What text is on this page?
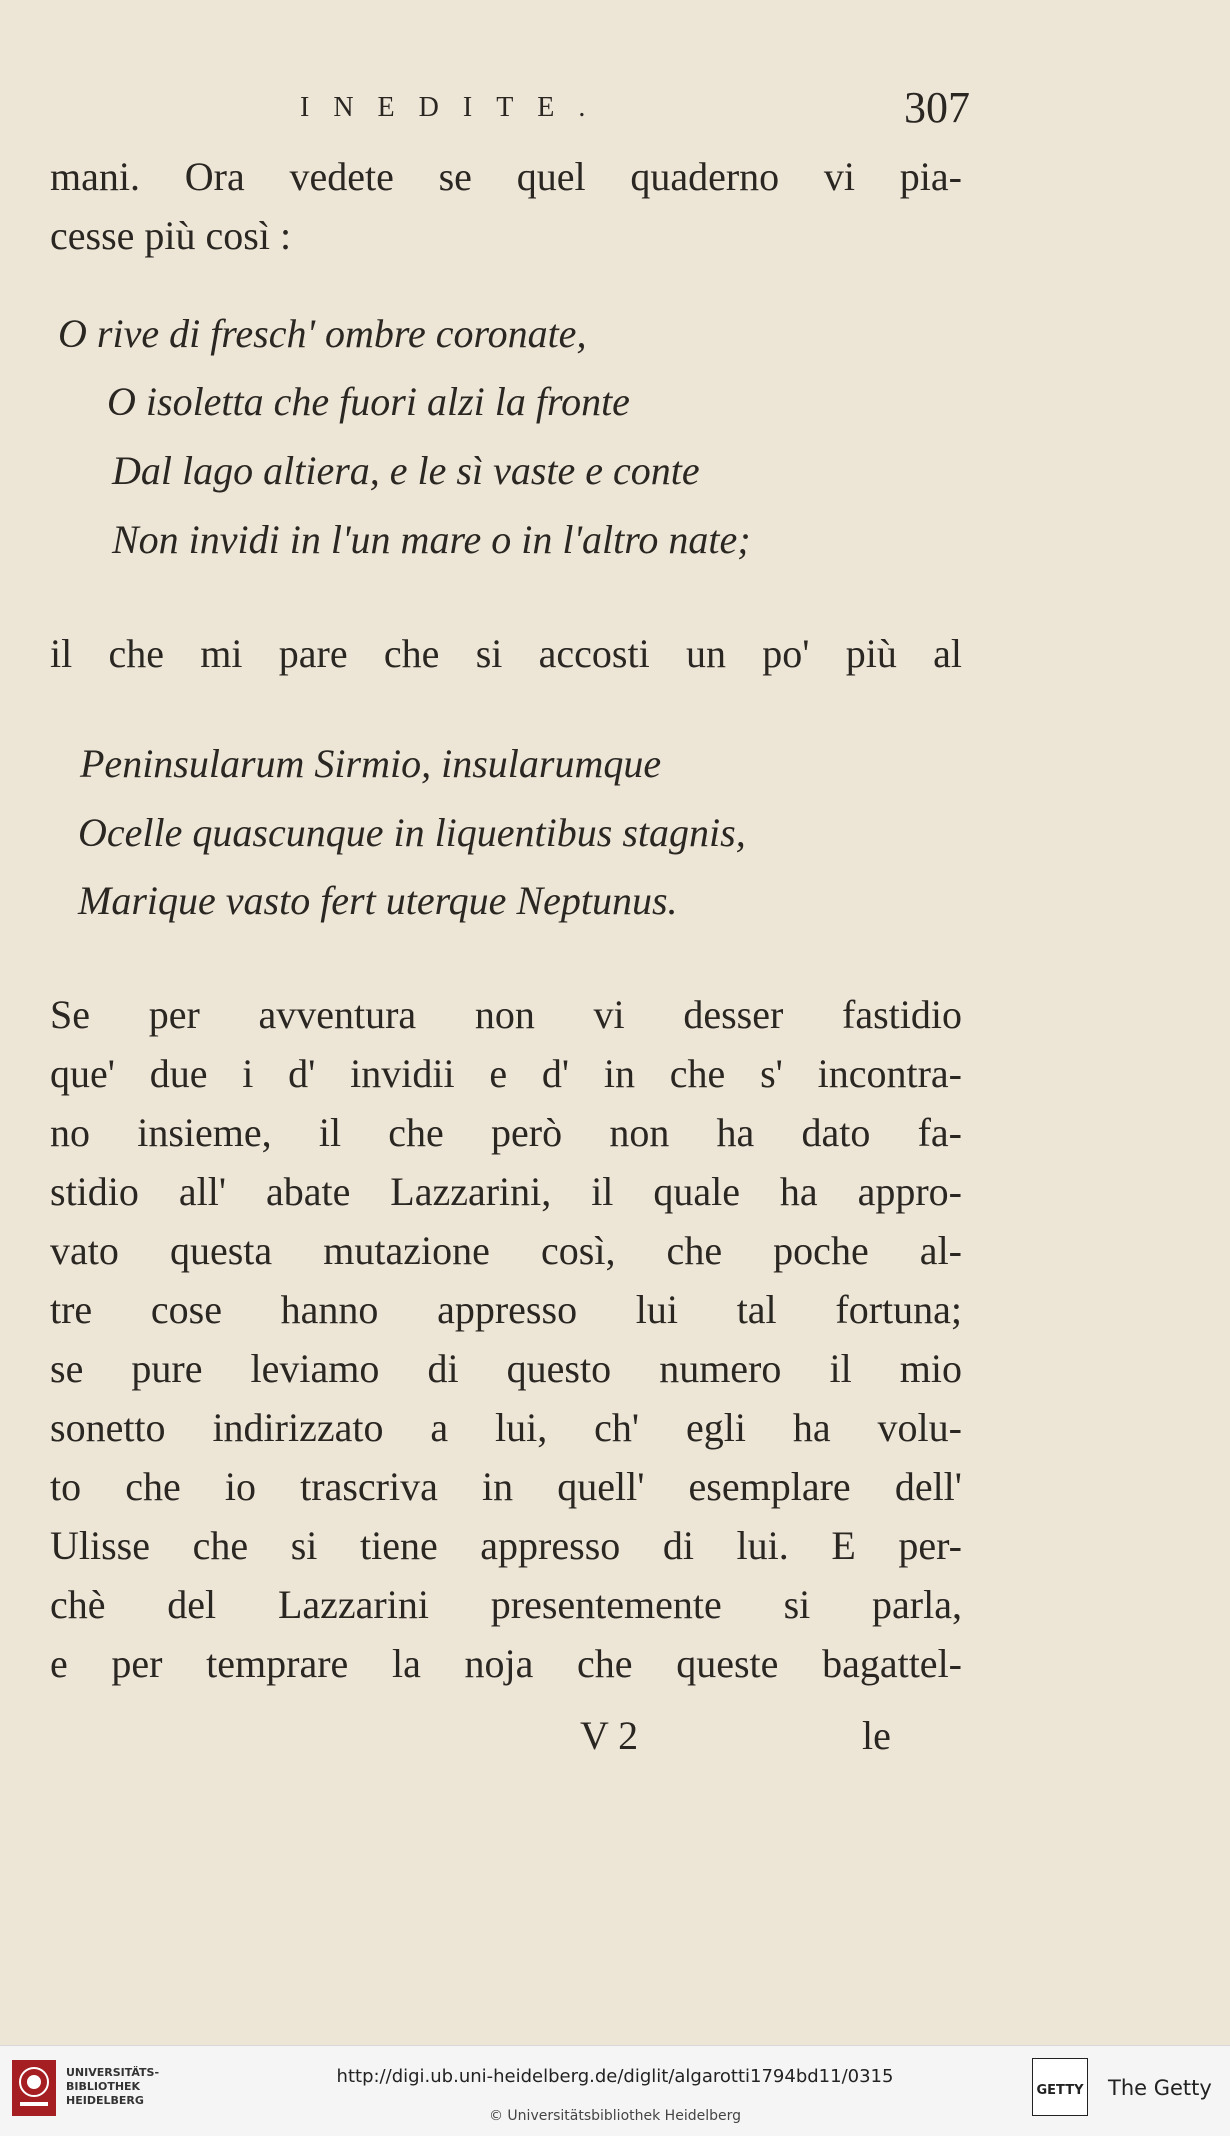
INEDITE.	307
mani. Ora vedete se quel quaderno vi pia-
cesse più così :
O rive di fresch' ombre coronate,
O isoletta che fuori alzi la fronte
Dal lago altiera, e le sì vaste e conte
Non invidi in l'un mare o in l'altro nate;
il che mi pare che si accosti un po' più al
Peninsularum Sirmio, insularumque
Ocelle quascunque in liquentibus stagnis,
Marique vasto fert uterque Neptunus.
Se per avventura non vi desser fastidio
que' due i d' invidii e d' in che s' incontra-
no insieme, il che però non ha dato fa-
stidio all' abate Lazzarini, il quale ha appro-
vato questa mutazione così, che poche al-
tre cose hanno appresso lui tal fortuna;
se pure leviamo di questo numero il mio
sonetto indirizzato a lui, ch' egli ha volu-
to che io trascriva in quell' esemplare dell'
Ulisse che si tiene appresso di lui. E per-
chè del Lazzarini presentemente si parla,
e per temprare la noja che queste bagattel-
V 2	le
UNIVERSITÄTS-
BIBLIOTHEK
HEIDELBERG
http://digi.ub.uni-heidelberg.de/diglit/algarotti1794bd11/0315
© Universitätsbibliothek Heidelberg
GETTY The Getty
